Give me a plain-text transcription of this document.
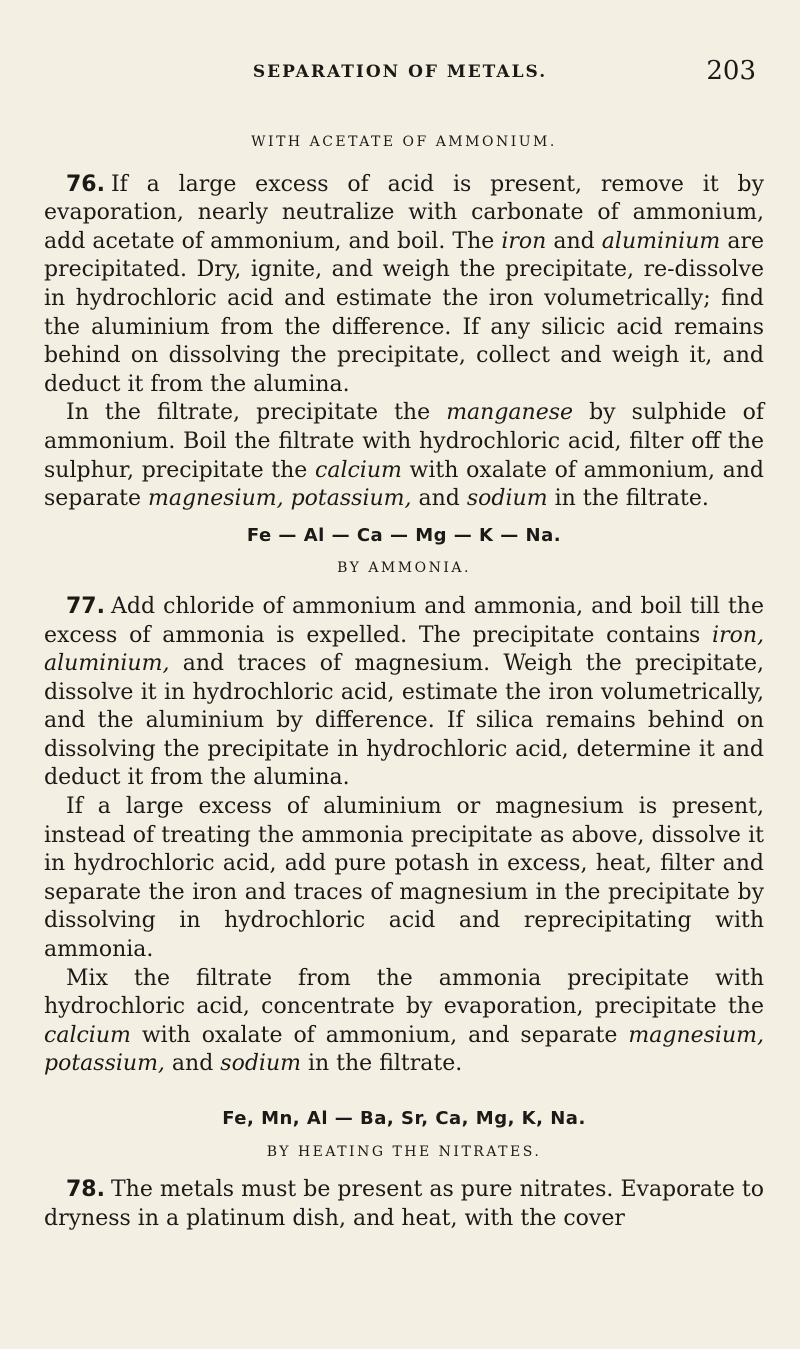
SEPARATION OF METALS.	203
WITH ACETATE OF AMMONIUM.

76. If a large excess of acid is present, remove it by evaporation, nearly neutralize with carbonate of ammonium, add acetate of ammonium, and boil. The iron and aluminium are precipitated. Dry, ignite, and weigh the precipitate, re-dissolve in hydrochloric acid and estimate the iron volumetrically; find the aluminium from the difference. If any silicic acid remains behind on dissolving the precipitate, collect and weigh it, and deduct it from the alumina.

In the filtrate, precipitate the manganese by sulphide of ammonium. Boil the filtrate with hydrochloric acid, filter off the sulphur, precipitate the calcium with oxalate of ammonium, and separate magnesium, potassium, and sodium in the filtrate.

Fe — Al — Ca — Mg — K — Na.
BY AMMONIA.

77. Add chloride of ammonium and ammonia, and boil till the excess of ammonia is expelled. The precipitate contains iron, aluminium, and traces of magnesium. Weigh the precipitate, dissolve it in hydrochloric acid, estimate the iron volumetrically, and the aluminium by difference. If silica remains behind on dissolving the precipitate in hydrochloric acid, determine it and deduct it from the alumina.

If a large excess of aluminium or magnesium is present, instead of treating the ammonia precipitate as above, dissolve it in hydrochloric acid, add pure potash in excess, heat, filter and separate the iron and traces of magnesium in the precipitate by dissolving in hydrochloric acid and reprecipitating with ammonia.

Mix the filtrate from the ammonia precipitate with hydrochloric acid, concentrate by evaporation, precipitate the calcium with oxalate of ammonium, and separate magnesium, potassium, and sodium in the filtrate.

Fe, Mn, Al — Ba, Sr, Ca, Mg, K, Na.
BY HEATING THE NITRATES.

78. The metals must be present as pure nitrates. Evaporate to dryness in a platinum dish, and heat, with the cover
